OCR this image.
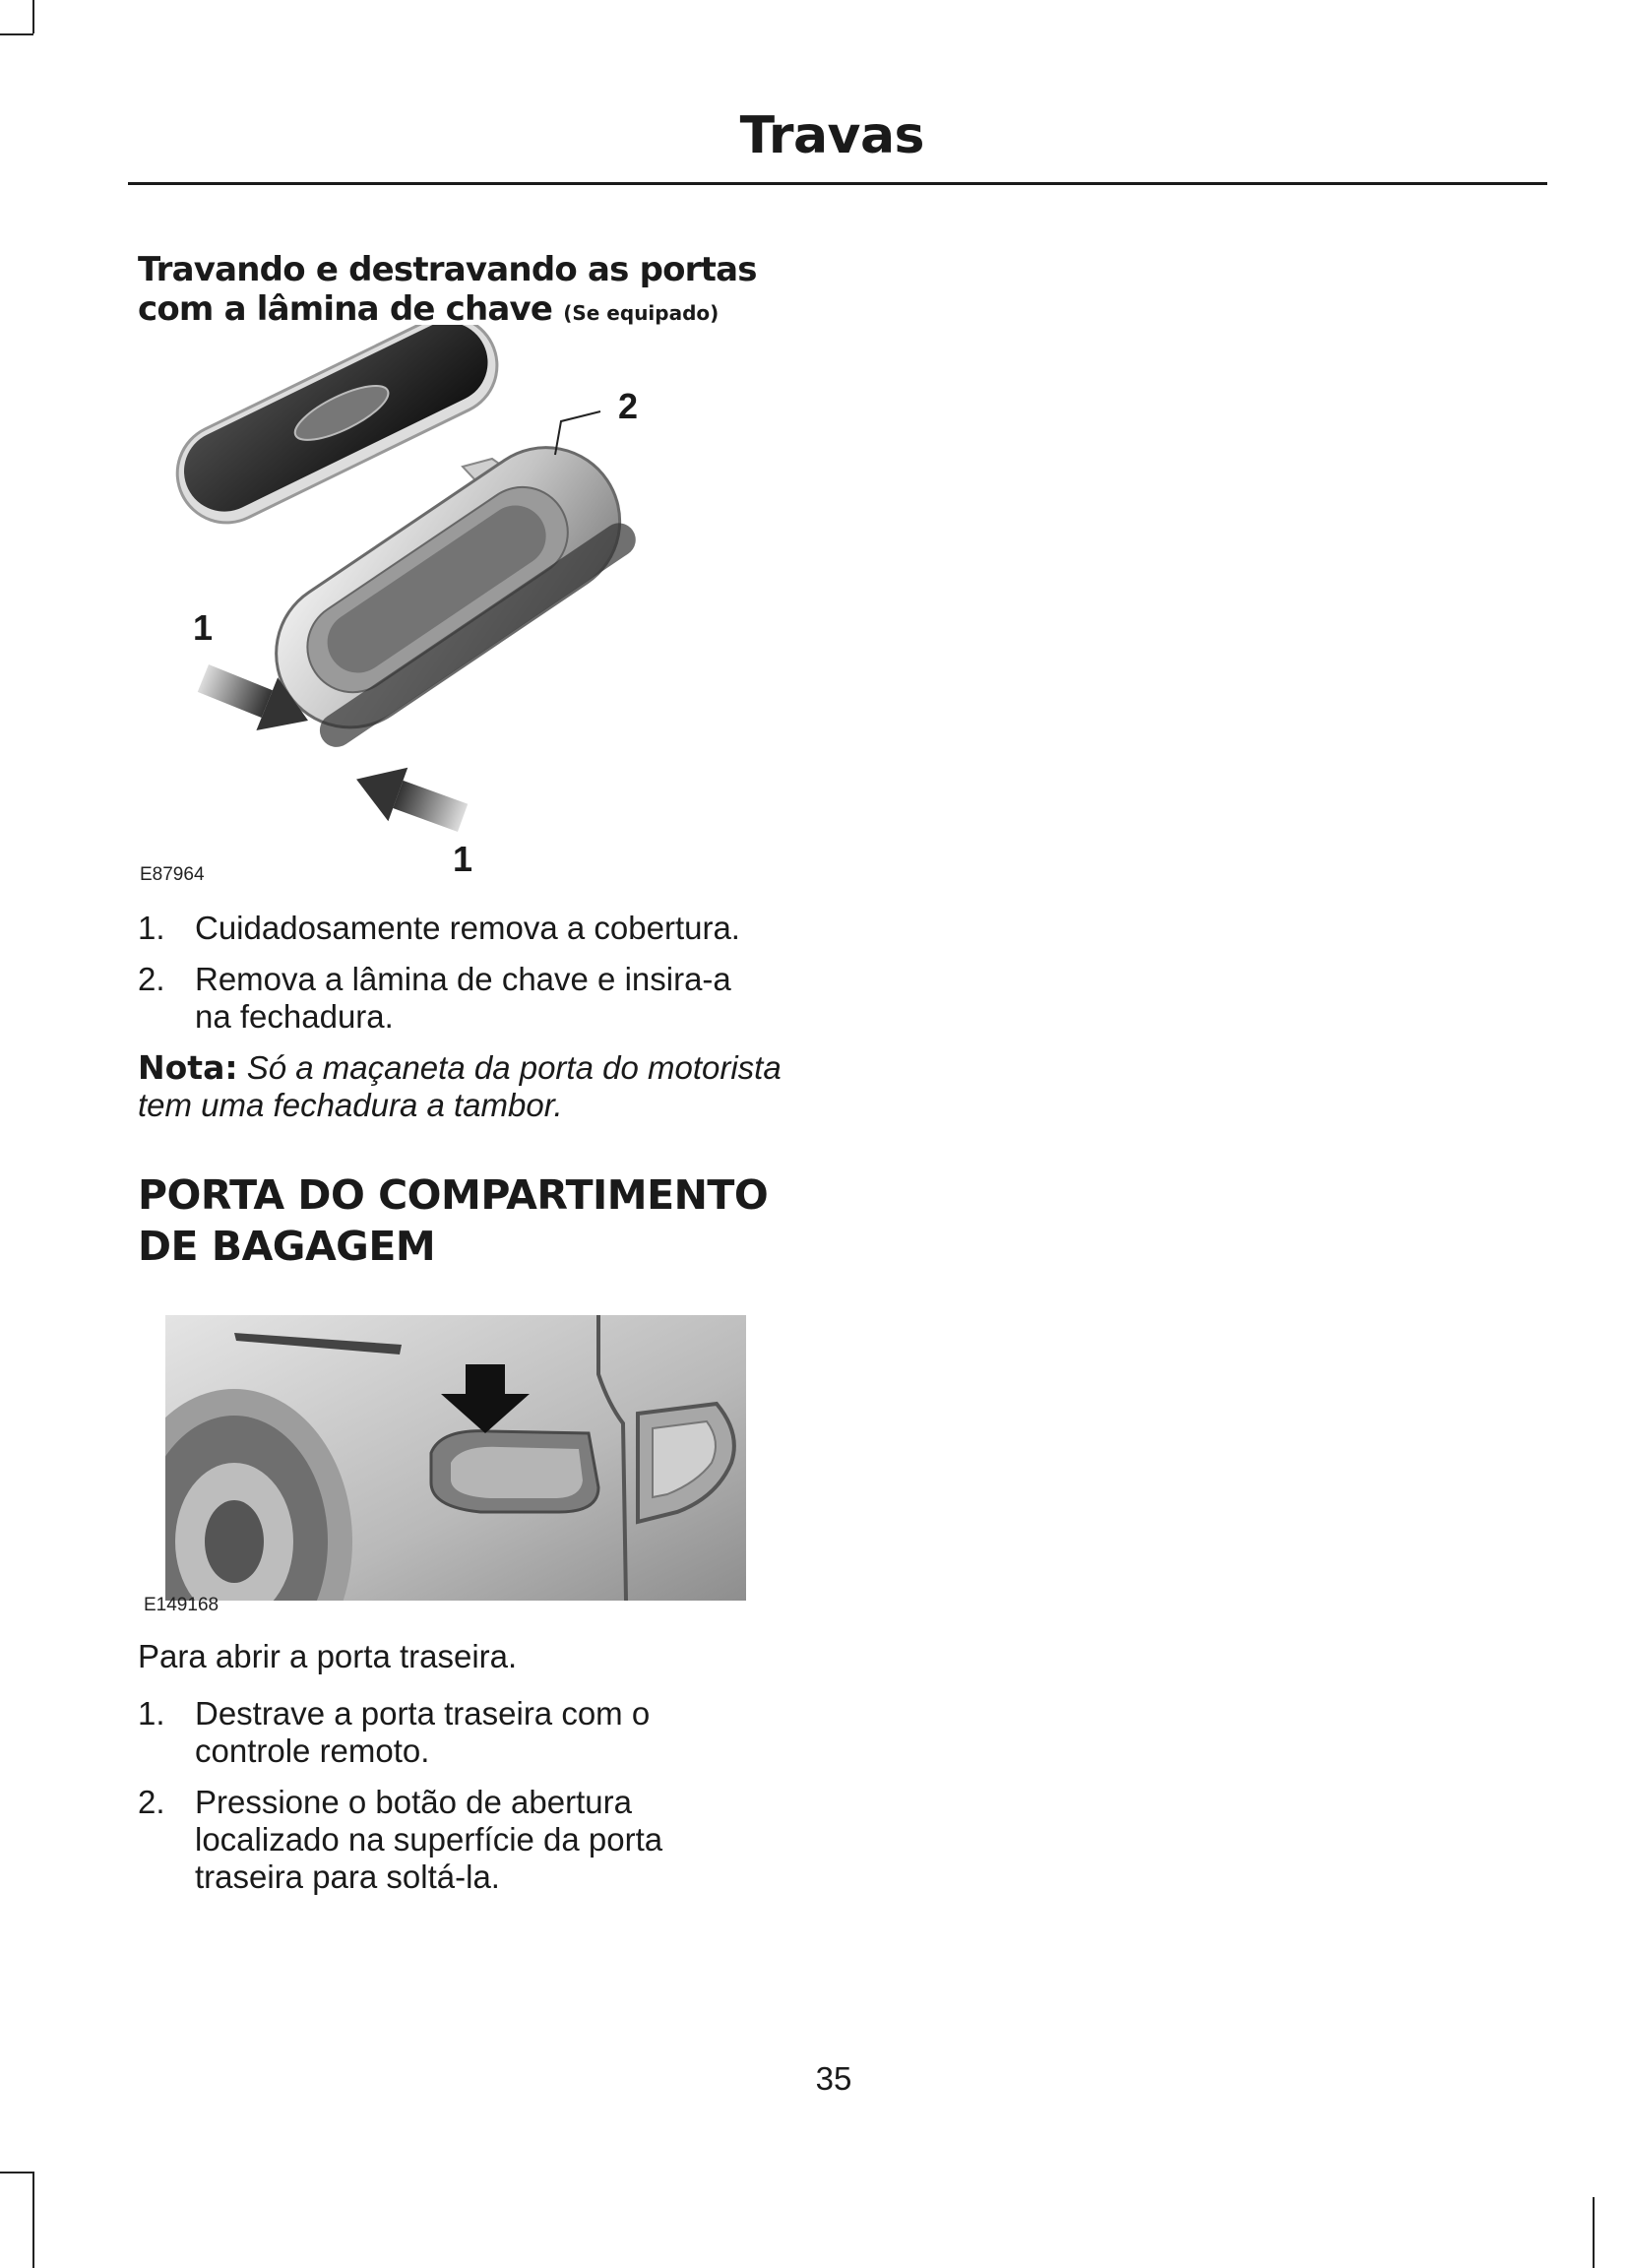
Travas
Travando e destravando as portas
com a lâmina de chave (Se equipado)
2
1
1
E87964
1. Cuidadosamente remova a cobertura.
2. Remova a lâmina de chave e insira-a na fechadura.
Nota: Só a maçaneta da porta do motorista tem uma fechadura a tambor.
PORTA DO COMPARTIMENTO
DE BAGAGEM
E149168
Para abrir a porta traseira.
1. Destrave a porta traseira com o controle remoto.
2. Pressione o botão de abertura localizado na superfície da porta traseira para soltá-la.
35
